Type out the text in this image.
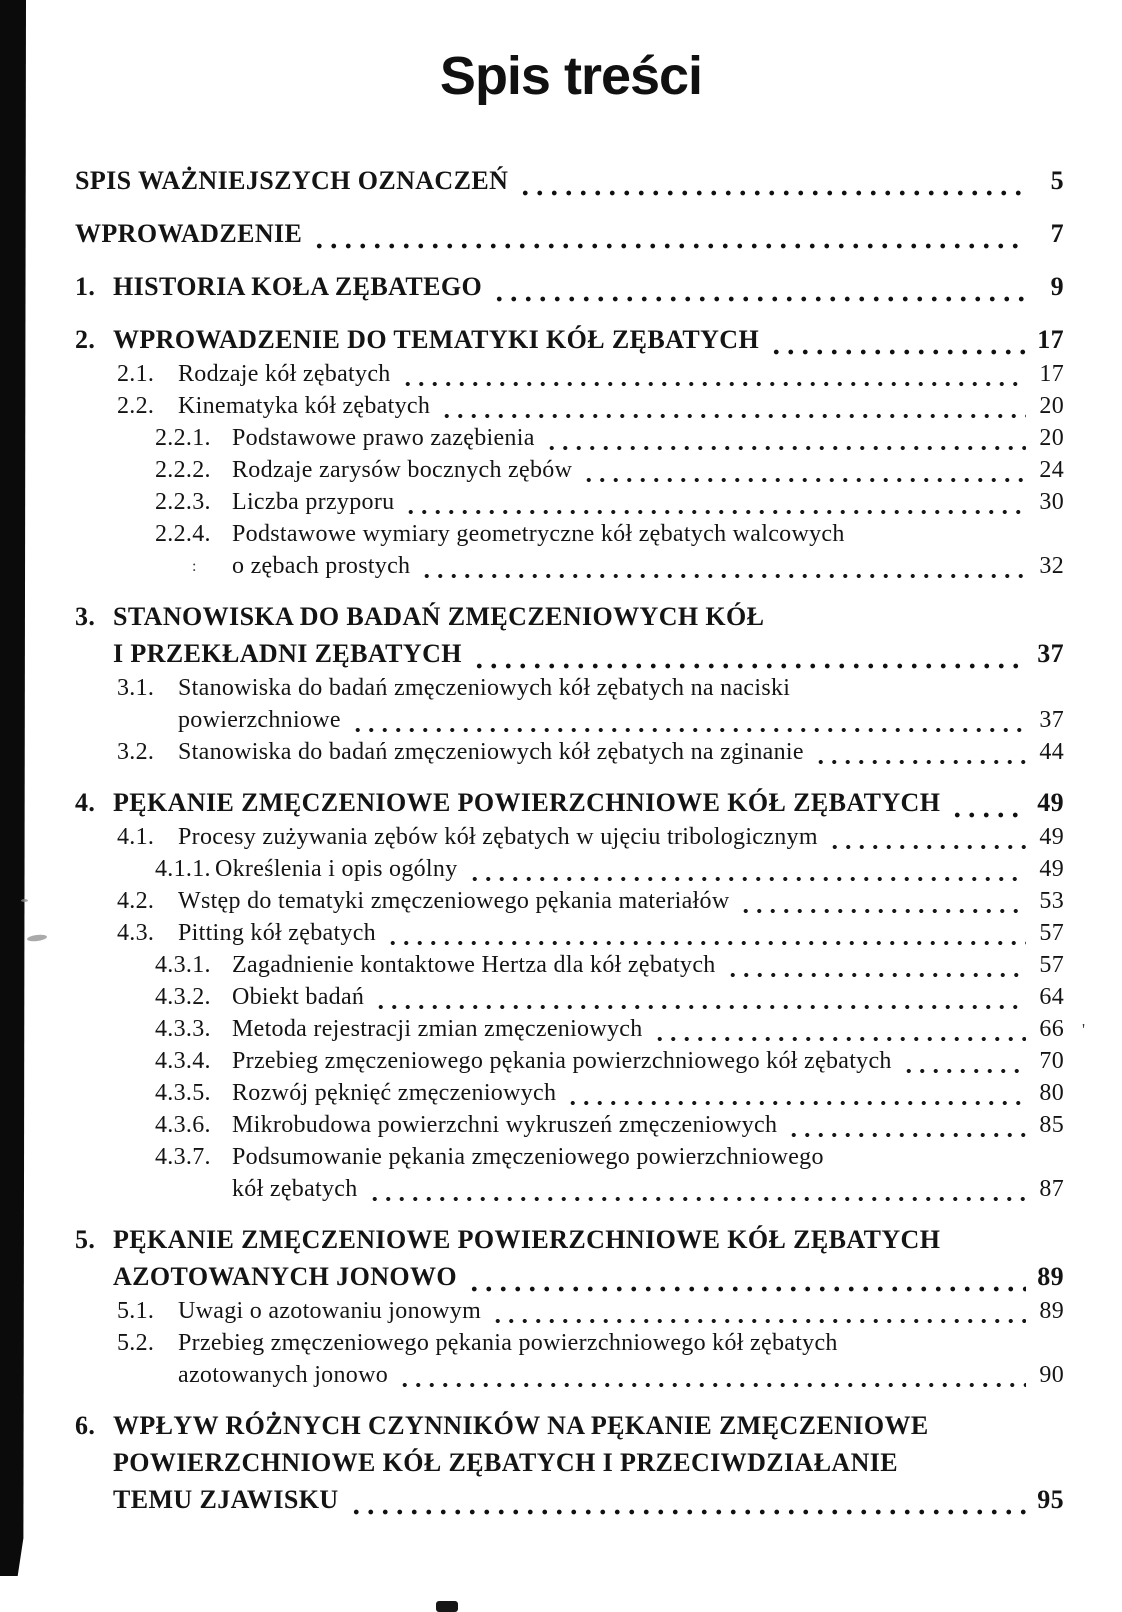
Spis treści
SPIS WAŻNIEJSZYCH OZNACZEŃ	5
WPROWADZENIE	7
1. HISTORIA KOŁA ZĘBATEGO	9
2. WPROWADZENIE DO TEMATYKI KÓŁ ZĘBATYCH	17
2.1. Rodzaje kół zębatych	17
2.2. Kinematyka kół zębatych	20
2.2.1. Podstawowe prawo zazębienia	20
2.2.2. Rodzaje zarysów bocznych zębów	24
2.2.3. Liczba przyporu	30
2.2.4. Podstawowe wymiary geometryczne kół zębatych walcowych
o zębach prostych	32
3. STANOWISKA DO BADAŃ ZMĘCZENIOWYCH KÓŁ
I PRZEKŁADNI ZĘBATYCH	37
3.1. Stanowiska do badań zmęczeniowych kół zębatych na naciski
powierzchniowe	37
3.2. Stanowiska do badań zmęczeniowych kół zębatych na zginanie	44
4. PĘKANIE ZMĘCZENIOWE POWIERZCHNIOWE KÓŁ ZĘBATYCH	49
4.1. Procesy zużywania zębów kół zębatych w ujęciu tribologicznym	49
4.1.1. Określenia i opis ogólny	49
4.2. Wstęp do tematyki zmęczeniowego pękania materiałów	53
4.3. Pitting kół zębatych	57
4.3.1. Zagadnienie kontaktowe Hertza dla kół zębatych	57
4.3.2. Obiekt badań	64
4.3.3. Metoda rejestracji zmian zmęczeniowych	66
4.3.4. Przebieg zmęczeniowego pękania powierzchniowego kół zębatych	70
4.3.5. Rozwój pęknięć zmęczeniowych	80
4.3.6. Mikrobudowa powierzchni wykruszeń zmęczeniowych	85
4.3.7. Podsumowanie pękania zmęczeniowego powierzchniowego
kół zębatych	87
5. PĘKANIE ZMĘCZENIOWE POWIERZCHNIOWE KÓŁ ZĘBATYCH
AZOTOWANYCH JONOWO	89
5.1. Uwagi o azotowaniu jonowym	89
5.2. Przebieg zmęczeniowego pękania powierzchniowego kół zębatych
azotowanych jonowo	90
6. WPŁYW RÓŻNYCH CZYNNIKÓW NA PĘKANIE ZMĘCZENIOWE
POWIERZCHNIOWE KÓŁ ZĘBATYCH I PRZECIWDZIAŁANIE
TEMU ZJAWISKU	95
:
'
